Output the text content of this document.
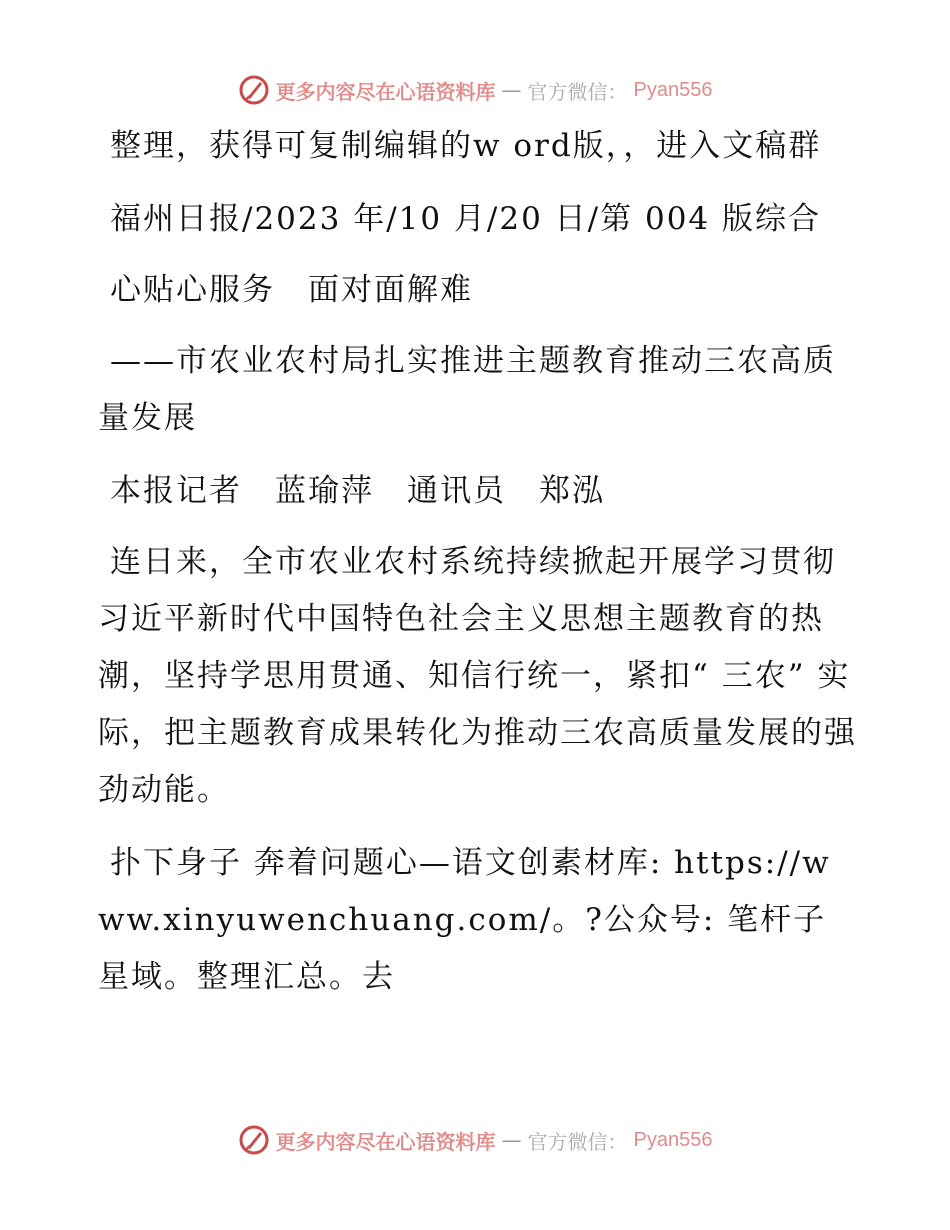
更多内容尽在心语资料库 — 官方微信： Pyan556

整理，获得可复制编辑的w ord版，，进入文稿群

福州日报/2023 年/10 月/20 日/第 004 版综合

心贴心服务　面对面解难

——市农业农村局扎实推进主题教育推动三农高质量发展

本报记者　蓝瑜萍　通讯员　郑泓

连日来，全市农业农村系统持续掀起开展学习贯彻习近平新时代中国特色社会主义思想主题教育的热潮，坚持学思用贯通、知信行统一，紧扣“ 三农” 实际，把主题教育成果转化为推动三农高质量发展的强劲动能。

扑下身子 奔着问题心—语文创素材库: https://www.xinyuwenchuang.com/。?公众号: 笔杆子星域。整理汇总。去

更多内容尽在心语资料库 — 官方微信： Pyan556
